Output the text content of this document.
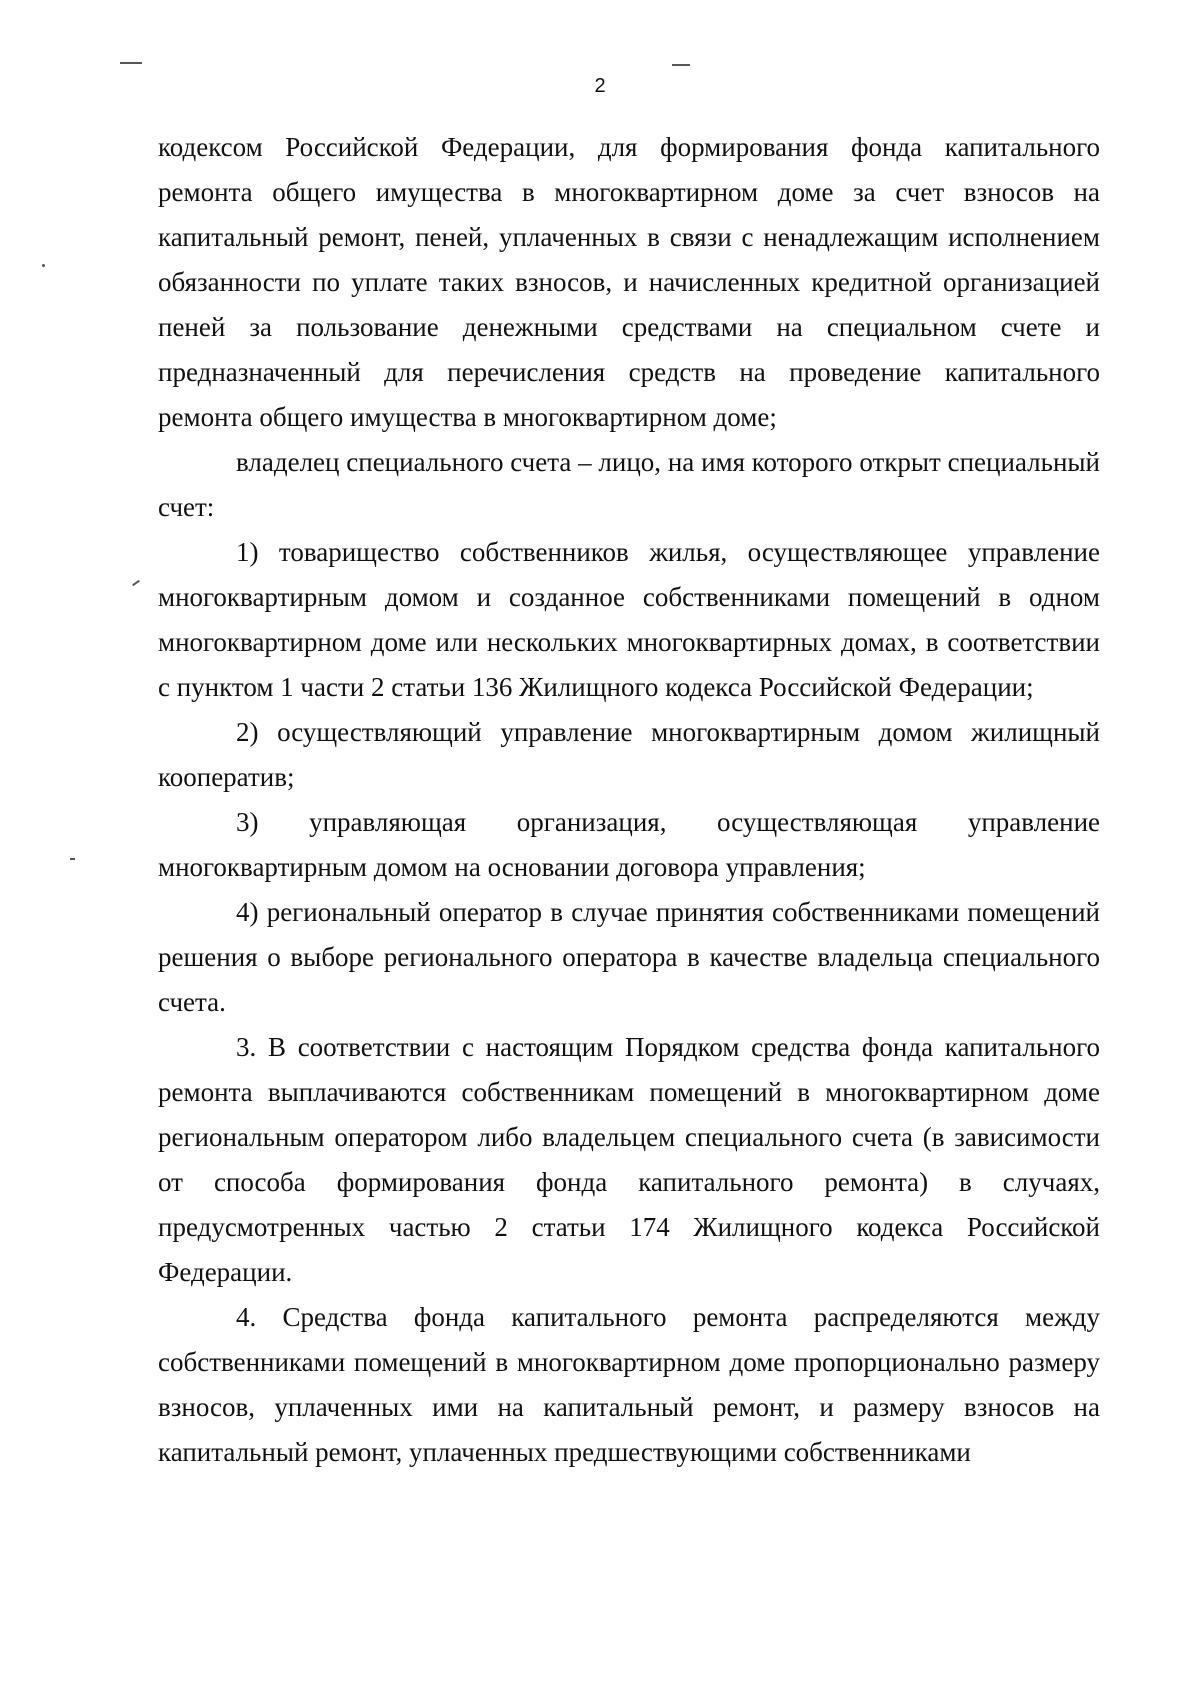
2

кодексом Российской Федерации, для формирования фонда капитального ремонта общего имущества в многоквартирном доме за счет взносов на капитальный ремонт, пеней, уплаченных в связи с ненадлежащим исполнением обязанности по уплате таких взносов, и начисленных кредитной организацией пеней за пользование денежными средствами на специальном счете и предназначенный для перечисления средств на проведение капитального ремонта общего имущества в многоквартирном доме;

владелец специального счета – лицо, на имя которого открыт специальный счет:

1) товарищество собственников жилья, осуществляющее управление многоквартирным домом и созданное собственниками помещений в одном многоквартирном доме или нескольких многоквартирных домах, в соответствии с пунктом 1 части 2 статьи 136 Жилищного кодекса Российской Федерации;

2) осуществляющий управление многоквартирным домом жилищный кооператив;

3) управляющая организация, осуществляющая управление многоквартирным домом на основании договора управления;

4) региональный оператор в случае принятия собственниками помещений решения о выборе регионального оператора в качестве владельца специального счета.

3. В соответствии с настоящим Порядком средства фонда капитального ремонта выплачиваются собственникам помещений в многоквартирном доме региональным оператором либо владельцем специального счета (в зависимости от способа формирования фонда капитального ремонта) в случаях, предусмотренных частью 2 статьи 174 Жилищного кодекса Российской Федерации.

4. Средства фонда капитального ремонта распределяются между собственниками помещений в многоквартирном доме пропорционально размеру взносов, уплаченных ими на капитальный ремонт, и размеру взносов на капитальный ремонт, уплаченных предшествующими собственниками
